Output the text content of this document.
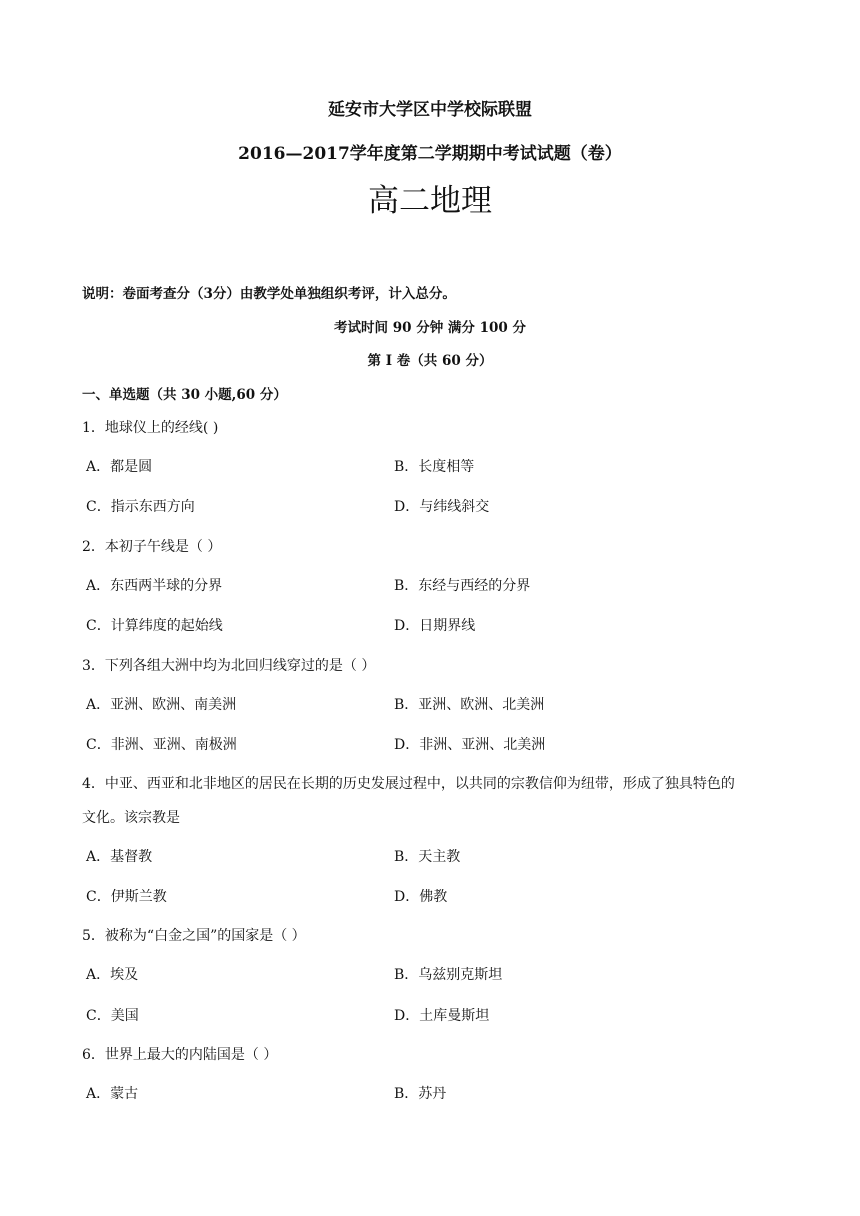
延安市大学区中学校际联盟
2016—2017学年度第二学期期中考试试题（卷）
高二地理
说明：卷面考查分（3分）由教学处单独组织考评，计入总分。
考试时间 90 分钟 满分 100 分
第 I 卷（共 60 分）
一、单选题（共 30 小题,60 分）
1．地球仪上的经线( )
A．都是圆	B．长度相等
C．指示东西方向	D．与纬线斜交
2．本初子午线是（ ）
A．东西两半球的分界	B．东经与西经的分界
C．计算纬度的起始线	D．日期界线
3．下列各组大洲中均为北回归线穿过的是（ ）
A．亚洲、欧洲、南美洲	B．亚洲、欧洲、北美洲
C．非洲、亚洲、南极洲	D．非洲、亚洲、北美洲
4．中亚、西亚和北非地区的居民在长期的历史发展过程中，以共同的宗教信仰为纽带，形成了独具特色的
文化。该宗教是
A．基督教	B．天主教
C．伊斯兰教	D．佛教
5．被称为“白金之国”的国家是（ ）
A．埃及	B．乌兹别克斯坦
C．美国	D．土库曼斯坦
6．世界上最大的内陆国是（ ）
A．蒙古	B．苏丹
